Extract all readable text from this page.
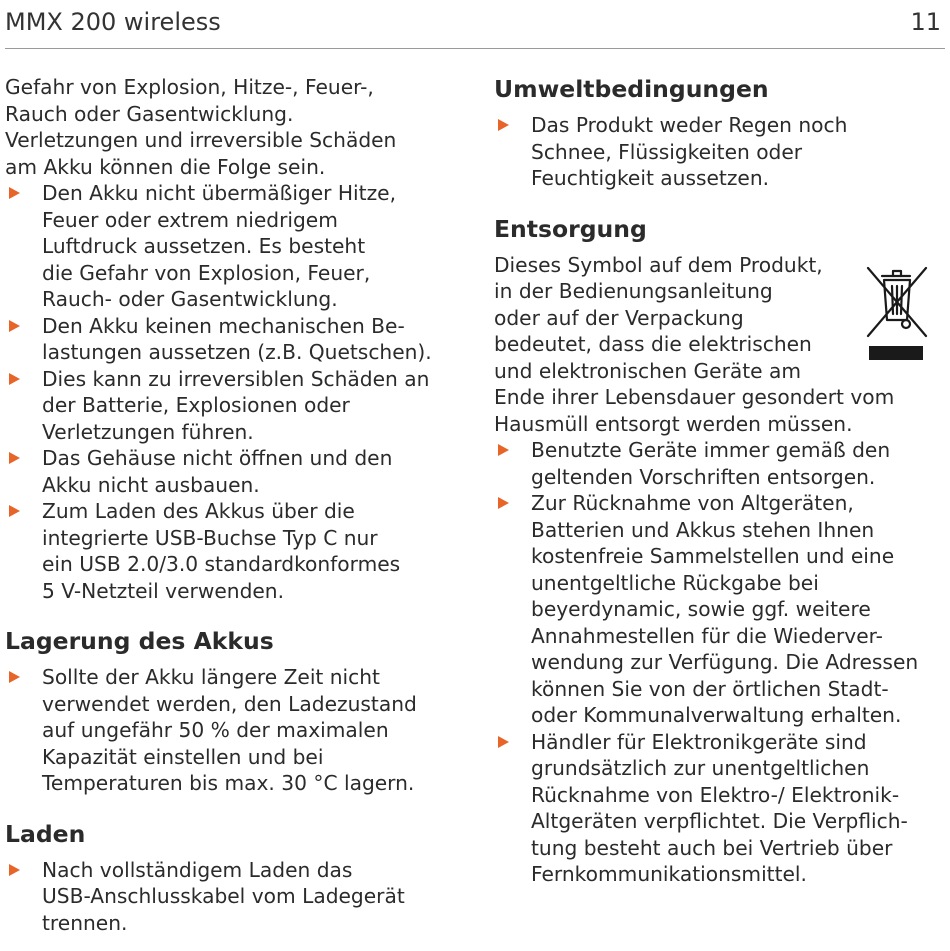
MMX 200 wireless	11

Gefahr von Explosion, Hitze-, Feuer-,
Rauch oder Gasentwicklung.
Verletzungen und irreversible Schäden
am Akku können die Folge sein.

Den Akku nicht übermäßiger Hitze,
Feuer oder extrem niedrigem
Luftdruck aussetzen. Es besteht
die Gefahr von Explosion, Feuer,
Rauch- oder Gasentwicklung.
Den Akku keinen mechanischen Be-
lastungen aussetzen (z.B. Quetschen).
Dies kann zu irreversiblen Schäden an
der Batterie, Explosionen oder
Verletzungen führen.
Das Gehäuse nicht öffnen und den
Akku nicht ausbauen.
Zum Laden des Akkus über die
integrierte USB-Buchse Typ C nur
ein USB 2.0/3.0 standardkonformes
5 V-Netzteil verwenden.
Lagerung des Akkus
Sollte der Akku längere Zeit nicht
verwendet werden, den Ladezustand
auf ungefähr 50 % der maximalen
Kapazität einstellen und bei
Temperaturen bis max. 30 °C lagern.
Laden
Nach vollständigem Laden das
USB-Anschlusskabel vom Ladegerät
trennen.
Umweltbedingungen
Das Produkt weder Regen noch
Schnee, Flüssigkeiten oder
Feuchtigkeit aussetzen.
Entsorgung

Dieses Symbol auf dem Produkt,
in der Bedienungsanleitung
oder auf der Verpackung
bedeutet, dass die elektrischen
und elektronischen Geräte am
Ende ihrer Lebensdauer gesondert vom
Hausmüll entsorgt werden müssen.

Benutzte Geräte immer gemäß den
geltenden Vorschriften entsorgen.
Zur Rücknahme von Altgeräten,
Batterien und Akkus stehen Ihnen
kostenfreie Sammelstellen und eine
unentgeltliche Rückgabe bei
beyerdynamic, sowie ggf. weitere
Annahmestellen für die Wiederver-
wendung zur Verfügung. Die Adressen
können Sie von der örtlichen Stadt-
oder Kommunalverwaltung erhalten.
Händler für Elektronikgeräte sind
grundsätzlich zur unentgeltlichen
Rücknahme von Elektro-/ Elektronik-
Altgeräten verpflichtet. Die Verpflich-
tung besteht auch bei Vertrieb über
Fernkommunikationsmittel.
